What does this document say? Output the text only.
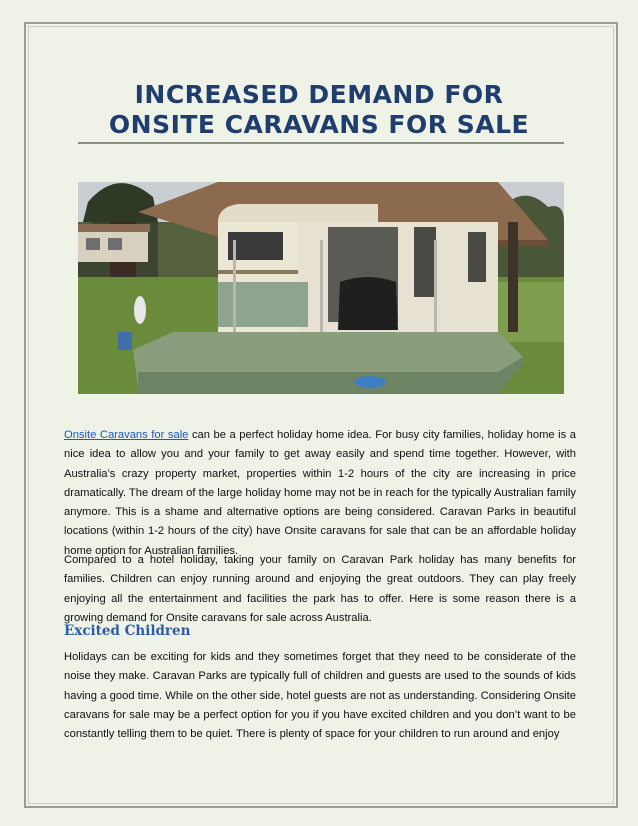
INCREASED DEMAND FOR
ONSITE CARAVANS FOR SALE

Onsite Caravans for sale can be a perfect holiday home idea. For busy city families, holiday home is a nice idea to allow you and your family to get away easily and spend time together. However, with Australia’s crazy property market, properties within 1-2 hours of the city are increasing in price dramatically. The dream of the large holiday home may not be in reach for the typically Australian family anymore. This is a shame and alternative options are being considered. Caravan Parks in beautiful locations (within 1-2 hours of the city) have Onsite caravans for sale that can be an affordable holiday home option for Australian families.

Compared to a hotel holiday, taking your family on Caravan Park holiday has many benefits for families. Children can enjoy running around and enjoying the great outdoors. They can play freely enjoying all the entertainment and facilities the park has to offer. Here is some reason there is a growing demand for Onsite caravans for sale across Australia.

Excited Children

Holidays can be exciting for kids and they sometimes forget that they need to be considerate of the noise they make. Caravan Parks are typically full of children and guests are used to the sounds of kids having a good time. While on the other side, hotel guests are not as understanding. Considering Onsite caravans for sale may be a perfect option for you if you have excited children and you don’t want to be constantly telling them to be quiet. There is plenty of space for your children to run around and enjoy
